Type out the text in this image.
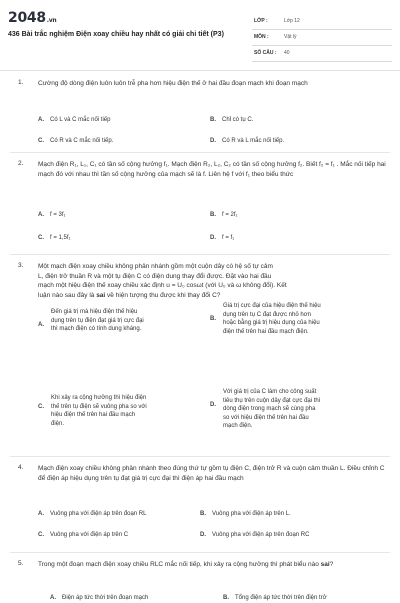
2048.vn
436 Bài trắc nghiệm Điện xoay chiều hay nhất có giải chi tiết (P3)
LỚP :	Lớp 12
MÔN :	Vật lý
SỐ CÂU : 40
1. Cường độ dòng điện luôn luôn trễ pha hơn hiệu điện thế ở hai đầu đoạn mạch khi đoạn mạch
A. Có L và C mắc nối tiếp	B. Chỉ có tụ C.
C. Có R và C mắc nối tiếp.	D. Có R và L mắc nối tiếp.
2. Mạch điện R₁, L₁, C₁ có tần số cộng hưởng f₁. Mạch điện R₂, L₂, C₂ có tần số cộng hưởng f₂. Biết f₂ = f₁ . Mắc nối tiếp hai mạch đó với nhau thì tần số cộng hưởng của mạch sẽ là f. Liên hệ f với f₁ theo biểu thức
A. f = 3f₁	B. f = 2f₁
C. f = 1,5f₁	D. f = f₁
3. Một mạch điện xoay chiều không phân nhánh gồm một cuộn dây có hệ số tự cảm
L, điện trở thuần R và một tụ điện C có điện dung thay đổi được. Đặt vào hai đầu
mạch một hiệu điện thế xoay chiều xác định u = U₀ cosωt (với U₀ và ω không đổi). Kết
luận nào sau đây là sai về hiện tượng thu được khi thay đổi C?
A.
Đến giá trị mà hiệu điện thế hiệu
dụng trên tụ điện đạt giá trị cực đại
thì mạch điện có tính dung kháng.
B.
Giá trị cực đại của hiệu điện thế hiệu
dụng trên tụ C đạt được nhỏ hơn
hoặc bằng giá trị hiệu dụng của hiệu
điện thế trên hai đầu mạch điện.
C.
Khi xảy ra cộng hưởng thì hiệu điện
thế trên tụ điện sẽ vuông pha so với
hiệu điện thế trên hai đầu mạch
điện.
D.
Với giá trị của C làm cho công suất
tiêu thụ trên cuộn dây đạt cực đại thì
dòng điện trong mạch sẽ cùng pha
so với hiệu điện thế trên hai đầu
mạch điện.
4. Mạch điện xoay chiều không phân nhánh theo đúng thứ tự gồm tụ điện C, điện trở R và cuộn cảm thuần L. Điều chỉnh C để điện áp hiệu dụng trên tụ đạt giá trị cực đại thì điện áp hai đầu mạch
A. Vuông pha với điện áp trên đoạn RL	B. Vuông pha với điện áp trên L.
C. Vuông pha với điện áp trên C	D. Vuông pha với điện áp trên đoạn RC
5. Trong một đoạn mạch điện xoay chiều RLC mắc nối tiếp, khi xảy ra cộng hưởng thì phát biểu nào sai?
A. Điện áp tức thời trên đoạn mạch	B. Tổng điện áp tức thời trên điện trở
